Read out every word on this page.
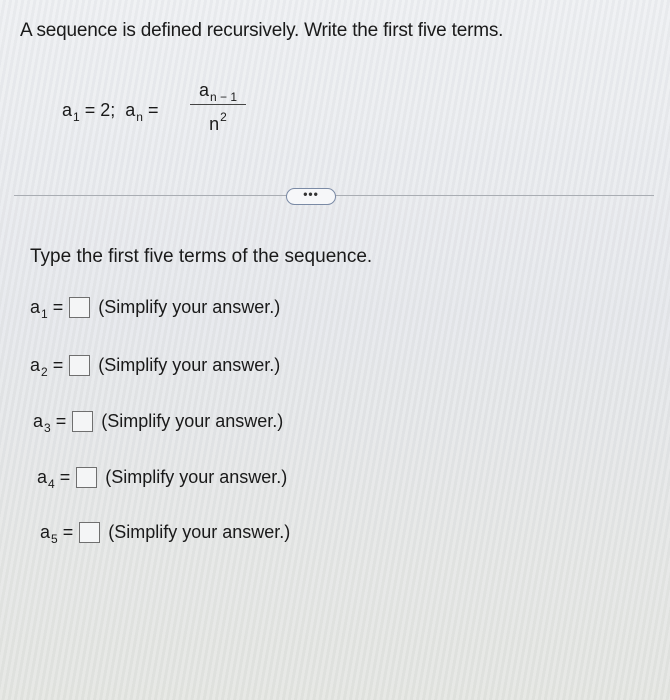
A sequence is defined recursively. Write the first five terms.
$a_1 = 2$; $a_n$ =
$a_{n - 1}$
$n^2$
•••
Type the first five terms of the sequence.
$a_1$ = (Simplify your answer.)
$a_2$ = (Simplify your answer.)
$a_3$ = (Simplify your answer.)
$a_4$ = (Simplify your answer.)
$a_5$ = (Simplify your answer.)
